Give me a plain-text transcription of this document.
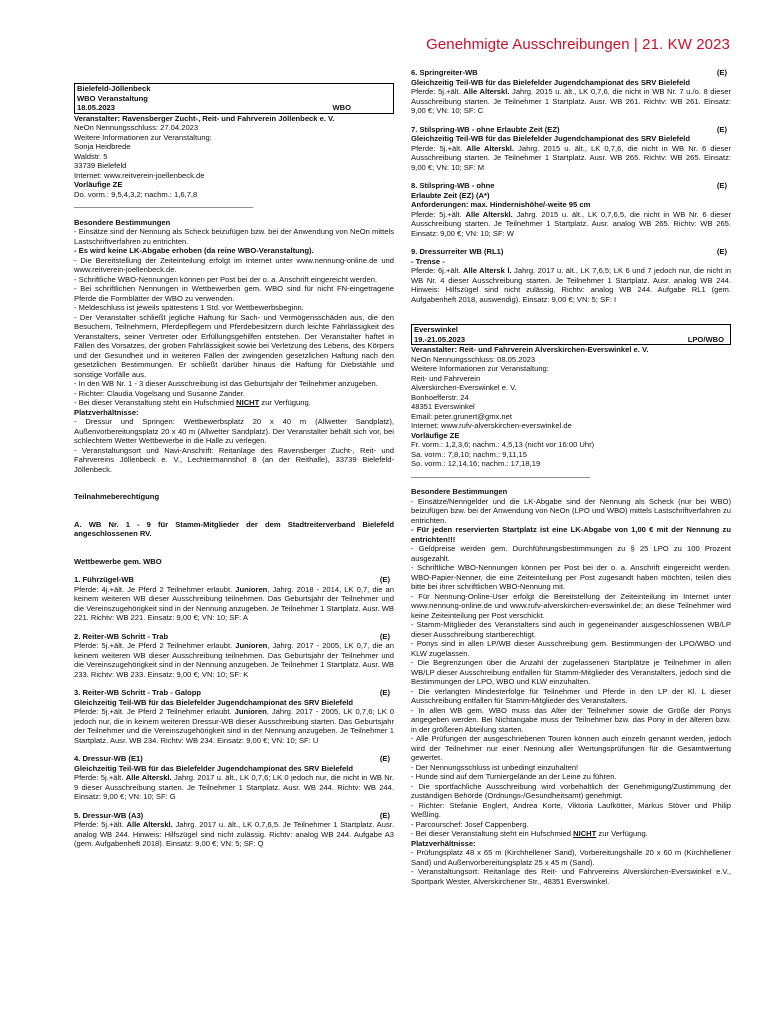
Genehmigte Ausschreibungen | 21. KW 2023

Bielefeld-Jöllenbeck

WBO Veranstaltung

18.05.2023	WBO

Veranstalter: Ravensberger Zucht-, Reit- und Fahrverein Jöllenbeck e. V.

NeOn Nennungsschluss: 27.04.2023

Weitere Informationen zur Veranstaltung:

Sonja Heidbrede

Waldstr. 5

33739 Bielefeld

Internet: www.reitverein-joellenbeck.de

Vorläufige ZE

Do. vorm.: 9,5,4,3,2; nachm.: 1,6,7,8

________________________________________________

Besondere Bestimmungen

- Einsätze sind der Nennung als Scheck beizufügen bzw. bei der Anwendung von NeOn mittels Lastschriftverfahren zu entrichten.

- Es wird keine LK-Abgabe erhoben (da reine WBO-Veranstaltung).

- Die Bereitstellung der Zeiteinteilung erfolgt im Internet unter www.nennung-online.de und www.reitverein-joellenbeck.de.

- Schriftliche WBO-Nennungen können per Post bei der o. a. Anschrift eingereicht werden.

- Bei schriftlichen Nennungen in Wettbewerben gem. WBO sind für nicht FN-eingetragene Pferde die Formblätter der WBO zu verwenden.

- Meldeschluss ist jeweils spätestens 1 Std. vor Wettbewerbsbeginn.

- Der Veranstalter schließt jegliche Haftung für Sach- und Vermögensschäden aus, die den Besuchern, Teilnehmern, Pferdepflegern und Pferdebesitzern durch leichte Fahrlässigkeit des Veranstalters, seiner Vertreter oder Erfüllungsgehilfen entstehen. Der Veranstalter haftet in Fällen des Vorsatzes, der groben Fahrlässigkeit sowie bei Verletzung des Lebens, des Körpers und der Gesundheit und in weiteren Fällen der zwingenden gesetzlichen Haftung nach den gesetzlichen Bestimmungen. Er schließt darüber hinaus die Haftung für Diebstähle und sonstige Vorfälle aus.

- In den WB Nr. 1 - 3 dieser Ausschreibung ist das Geburtsjahr der Teilnehmer anzugeben.

- Richter: Claudia Vogelsang und Susanne Zander.

- Bei dieser Veranstaltung steht ein Hufschmied NICHT zur Verfügung.

Platzverhältnisse:

- Dressur und Springen: Wettbewerbsplatz 20 x 40 m (Allwetter Sandplatz), Außenvorbereitungsplatz 20 x 40 m (Allwetter Sandplatz). Der Veranstalter behält sich vor, bei schlechtem Wetter Wettbewerbe in die Halle zu verlegen.

- Veranstaltungsort und Navi-Anschrift: Reitanlage des Ravensberger Zucht-, Reit- und Fahrvereins Jöllenbeck e. V., Lechtermannshof 8 (an der Reithalle), 33739 Bielefeld-Jöllenbeck.

Teilnahmeberechtigung

A. WB Nr. 1 - 9 für Stamm-Mitglieder der dem Stadtreiterverband Bielefeld angeschlossenen RV.

Wettbewerbe gem. WBO

1. Führzügel-WB	(E)

Pferde: 4j.+ält. Je Pferd 2 Teilnehmer erlaubt. Junioren, Jahrg. 2018 - 2014, LK 0,7, die an keinem weiteren WB dieser Ausschreibung teilnehmen. Das Geburtsjahr der Teilnehmer und die Vereinszugehörigkeit sind in der Nennung anzugeben. Je Teilnehmer 1 Startplatz. Ausr. WB 221. Richtv: WB 221. Einsatz: 9,00 €; VN: 10; SF: A

2. Reiter-WB Schritt - Trab	(E)

Pferde: 5j.+ält. Je Pferd 2 Teilnehmer erlaubt. Junioren, Jahrg. 2017 - 2005, LK 0,7, die an keinem weiteren WB dieser Ausschreibung teilnehmen. Das Geburtsjahr der Teilnehmer und die Vereinszugehörigkeit sind in der Nennung anzugeben. Je Teilnehmer 1 Startplatz. Ausr. WB 233. Richtv: WB 233. Einsatz: 9,00 €; VN: 10; SF: K

3. Reiter-WB Schritt - Trab - Galopp	(E)

Gleichzeitig Teil-WB für das Bielefelder Jugendchampionat des SRV Bielefeld

Pferde: 5j.+ält. Je Pferd 2 Teilnehmer erlaubt. Junioren, Jahrg. 2017 - 2005, LK 0,7,6; LK 0 jedoch nur, die in keinem weiteren Dressur-WB dieser Ausschreibung starten. Das Geburtsjahr der Teilnehmer und die Vereinszugehörigkeit sind in der Nennung anzugeben. Je Teilnehmer 1 Startplatz. Ausr. WB 234. Richtv: WB 234. Einsatz: 9,00 €; VN: 10; SF: U

4. Dressur-WB (E1)	(E)

Gleichzeitig Teil-WB für das Bielefelder Jugendchampionat des SRV Bielefeld

Pferde: 5j.+ält. Alle Alterskl. Jahrg. 2017 u. ält., LK 0,7,6; LK 0 jedoch nur, die nicht in WB Nr. 9 dieser Ausschreibung starten. Je Teilnehmer 1 Startplatz. Ausr. WB 244. Richtv: WB 244. Einsatz: 9,00 €; VN: 10; SF: G

5. Dressur-WB (A3)	(E)

Pferde: 5j.+ält. Alle Alterskl. Jahrg. 2017 u. ält., LK 0,7,6,5. Je Teilnehmer 1 Startplatz. Ausr. analog WB 244. Hinweis: Hilfszügel sind nicht zulässig. Richtv: analog WB 244. Aufgabe A3 (gem. Aufgabenheft 2018). Einsatz: 9,00 €; VN: 5; SF: Q

6. Springreiter-WB	(E)

Gleichzeitig Teil-WB für das Bielefelder Jugendchampionat des SRV Bielefeld

Pferde: 5j.+ält. Alle Alterskl. Jahrg. 2015 u. ält., LK 0,7,6, die nicht in WB Nr. 7 u./o. 8 dieser Ausschreibung starten. Je Teilnehmer 1 Startplatz. Ausr. WB 261. Richtv: WB 261. Einsatz: 9,00 €; VN: 10; SF: C

7. Stilspring-WB - ohne Erlaubte Zeit (EZ)	(E)

Gleichzeitig Teil-WB für das Bielefelder Jugendchampionat des SRV Bielefeld

Pferde: 5j.+ält. Alle Alterskl. Jahrg. 2015 u. ält., LK 0,7,6, die nicht in WB Nr. 6 dieser Ausschreibung starten. Je Teilnehmer 1 Startplatz. Ausr. WB 265. Richtv: WB 265. Einsatz: 9,00 €; VN: 10; SF: M

8. Stilspring-WB - ohne	(E)

Erlaubte Zeit (EZ) (A*)
Anforderungen: max. Hindernishöhe/-weite 95 cm

Pferde: 5j.+ält. Alle Alterskl. Jahrg. 2015 u. ält., LK 0,7,6,5, die nicht in WB Nr. 6 dieser Ausschreibung starten. Je Teilnehmer 1 Startplatz. Ausr. analog WB 265. Richtv: WB 265. Einsatz: 9,00 €; VN: 10; SF: W

9. Dressurreiter WB (RL1)	(E)

- Trense -

Pferde: 6j.+ält. Alle Altersk l. Jahrg. 2017 u. ält., LK 7,6,5; LK 6 und 7 jedoch nur, die nicht in WB Nr. 4 dieser Ausschreibung starten. Je Teilnehmer 1 Startplatz. Ausr. analog WB 244. Hinweis: Hilfszügel sind nicht zulässig. Richtv: analog WB 244. Aufgabe RL1 (gem. Aufgabenheft 2018, auswendig). Einsatz: 9,00 €; VN: 5; SF: I

Everswinkel

19.-21.05.2023	LPO/WBO

Veranstalter: Reit- und Fahrverein Alverskirchen-Everswinkel e. V.

NeOn Nennungsschluss: 08.05.2023

Weitere Informationen zur Veranstaltung:

Reit- und Fahrverein

Alverskirchen-Everswinkel e. V.

Bonhoefferstr. 24

48351 Everswinkel

Email: peter.grunert@gmx.net

Internet: www.rufv-alverskirchen-everswinkel.de

Vorläufige ZE

Fr. vorm.: 1,2,3,6; nachm.: 4,5,13 (nicht vor 16:00 Uhr)

Sa. vorm.: 7,8,10; nachm.: 9,11,15

So. vorm.: 12,14,16; nachm.: 17,18,19

________________________________________________

Besondere Bestimmungen

- Einsätze/Nenngelder und die LK-Abgabe sind der Nennung als Scheck (nur bei WBO) beizufügen bzw. bei der Anwendung von NeOn (LPO und WBO) mittels Lastschriftverfahren zu entrichten.

- Für jeden reservierten Startplatz ist eine LK-Abgabe von 1,00 € mit der Nennung zu entrichten!!!

- Geldpreise werden gem. Durchführungsbestimmungen zu § 25 LPO zu 100 Prozent ausgezahlt.

- Schriftliche WBO-Nennungen können per Post bei der o. a. Anschrift eingereicht werden. WBO-Papier-Nenner, die eine Zeiteinteilung per Post zugesandt haben möchten, teilen dies bitte bei ihrer schriftlichen WBO-Nennung mit.

- Für Nennung-Online-User erfolgt die Bereitstellung der Zeiteinteilung im Internet unter www.nennung-online.de und www.rufv-alverskirchen-everswinkel.de; an diese Teilnehmer wird keine Zeiteinteilung per Post verschickt.

- Stamm-Mitglieder des Veranstalters sind auch in gegeneinander ausgeschlossenen WB/LP dieser Ausschreibung startberechtigt.

- Ponys sind in allen LP/WB dieser Ausschreibung gem. Bestimmungen der LPO/WBO und KLW zugelassen.

- Die Begrenzungen über die Anzahl der zugelassenen Startplätze je Teilnehmer in allen WB/LP dieser Ausschreibung entfallen für Stamm-Mitglieder des Veranstalters, jedoch sind die Bestimmungen der LPO, WBO und KLW einzuhalten.

- Die verlangten Mindesterfolge für Teilnehmer und Pferde in den LP der Kl. L dieser Ausschreibung entfallen für Stamm-Mitglieder des Veranstalters.

- In allen WB gem. WBO muss das Alter der Teilnehmer sowie die Größe der Ponys angegeben werden. Bei Nichtangabe muss der Teilnehmer bzw. das Pony in der älteren bzw. in der größeren Abteilung starten.

- Alle Prüfungen der ausgeschriebenen Touren können auch einzeln genannt werden, jedoch wird der Teilnehmer nur einer Nennung aller Wertungsprüfungen für die Gesamtwertung gewertet.

- Der Nennungsschluss ist unbedingt einzuhalten!

- Hunde sind auf dem Turniergelände an der Leine zu führen.

- Die sportfachliche Ausschreibung wird vorbehaltlich der Genehmigung/Zustimmung der zuständigen Behörde (Ordnungs-/Gesundheitsamt) genehmigt.

- Richter: Stefanie Englert, Andrea Korte, Viktoria Laufkötter, Markus Stöver und Philip Weßling.

- Parcourschef: Josef Cappenberg.

- Bei dieser Veranstaltung steht ein Hufschmied NICHT zur Verfügung.

Platzverhältnisse:

- Prüfungsplatz 48 x 65 m (Kirchhellener Sand), Vorbereitungshalle 20 x 60 m (Kirchhellener Sand) und Außenvorbereitungsplatz 25 x 45 m (Sand).

- Veranstaltungsort: Reitanlage des Reit- und Fahrvereins Alverskirchen-Everswinkel e.V., Sportpark Wester, Alverskirchener Str., 48351 Everswinkel.
